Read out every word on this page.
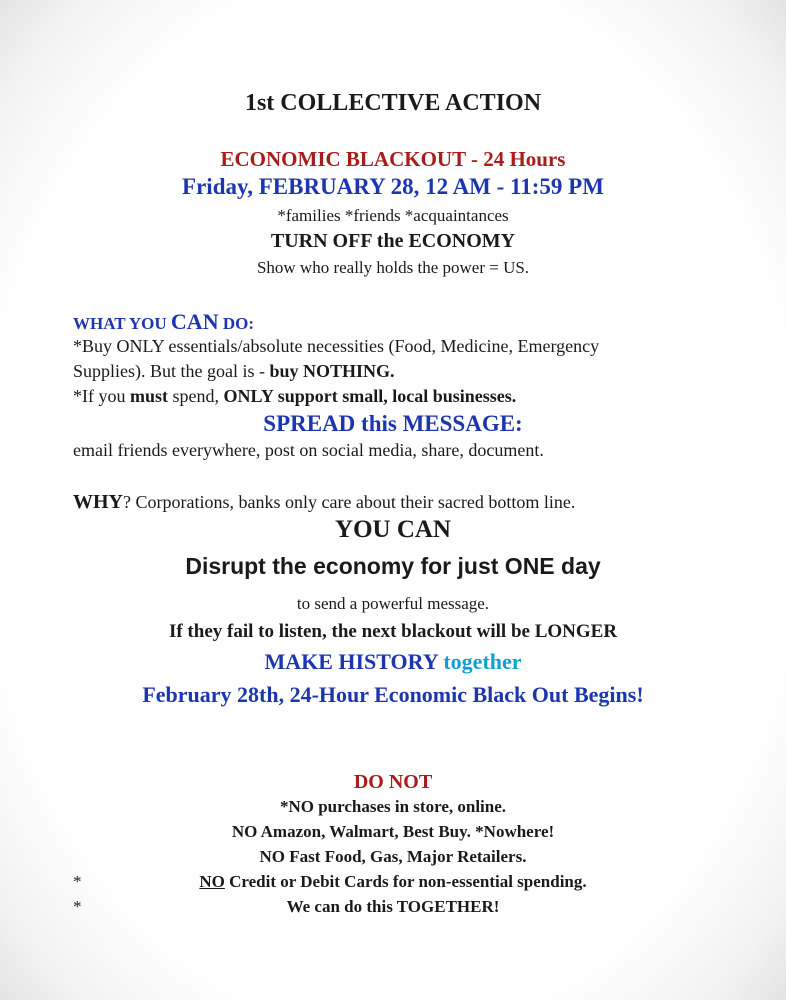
1st COLLECTIVE ACTION
ECONOMIC BLACKOUT - 24 Hours
Friday, FEBRUARY 28, 12 AM - 11:59 PM
*families *friends *acquaintances
TURN OFF the ECONOMY
Show who really holds the power = US.
WHAT YOU CAN DO:
*Buy ONLY essentials/absolute necessities (Food, Medicine, Emergency
Supplies). But the goal is - buy NOTHING.
*If you must spend, ONLY support small, local businesses.
SPREAD this MESSAGE:
email friends everywhere, post on social media, share, document.
WHY? Corporations, banks only care about their sacred bottom line.
YOU CAN
Disrupt the economy for just ONE day
to send a powerful message.
If they fail to listen, the next blackout will be LONGER
MAKE HISTORY together
February 28th, 24-Hour Economic Black Out Begins!
DO NOT
*NO purchases in store, online.
NO Amazon, Walmart, Best Buy. *Nowhere!
NO Fast Food, Gas, Major Retailers.
*	NO Credit or Debit Cards for non-essential spending.
*	We can do this TOGETHER!
